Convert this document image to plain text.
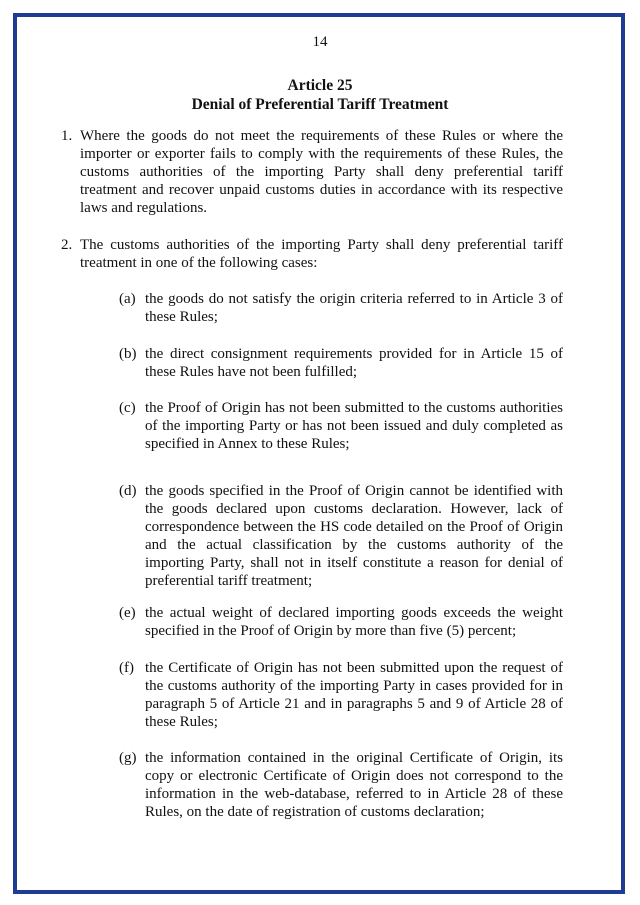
14
Article 25
Denial of Preferential Tariff Treatment
1. Where the goods do not meet the requirements of these Rules or where the importer or exporter fails to comply with the requirements of these Rules, the customs authorities of the importing Party shall deny preferential tariff treatment and recover unpaid customs duties in accordance with its respective laws and regulations.
2. The customs authorities of the importing Party shall deny preferential tariff treatment in one of the following cases:
(a) the goods do not satisfy the origin criteria referred to in Article 3 of these Rules;
(b) the direct consignment requirements provided for in Article 15 of these Rules have not been fulfilled;
(c) the Proof of Origin has not been submitted to the customs authorities of the importing Party or has not been issued and duly completed as specified in Annex to these Rules;
(d) the goods specified in the Proof of Origin cannot be identified with the goods declared upon customs declaration. However, lack of correspondence between the HS code detailed on the Proof of Origin and the actual classification by the customs authority of the importing Party, shall not in itself constitute a reason for denial of preferential tariff treatment;
(e) the actual weight of declared importing goods exceeds the weight specified in the Proof of Origin by more than five (5) percent;
(f) the Certificate of Origin has not been submitted upon the request of the customs authority of the importing Party in cases provided for in paragraph 5 of Article 21 and in paragraphs 5 and 9 of Article 28 of these Rules;
(g) the information contained in the original Certificate of Origin, its copy or electronic Certificate of Origin does not correspond to the information in the web-database, referred to in Article 28 of these Rules, on the date of registration of customs declaration;
